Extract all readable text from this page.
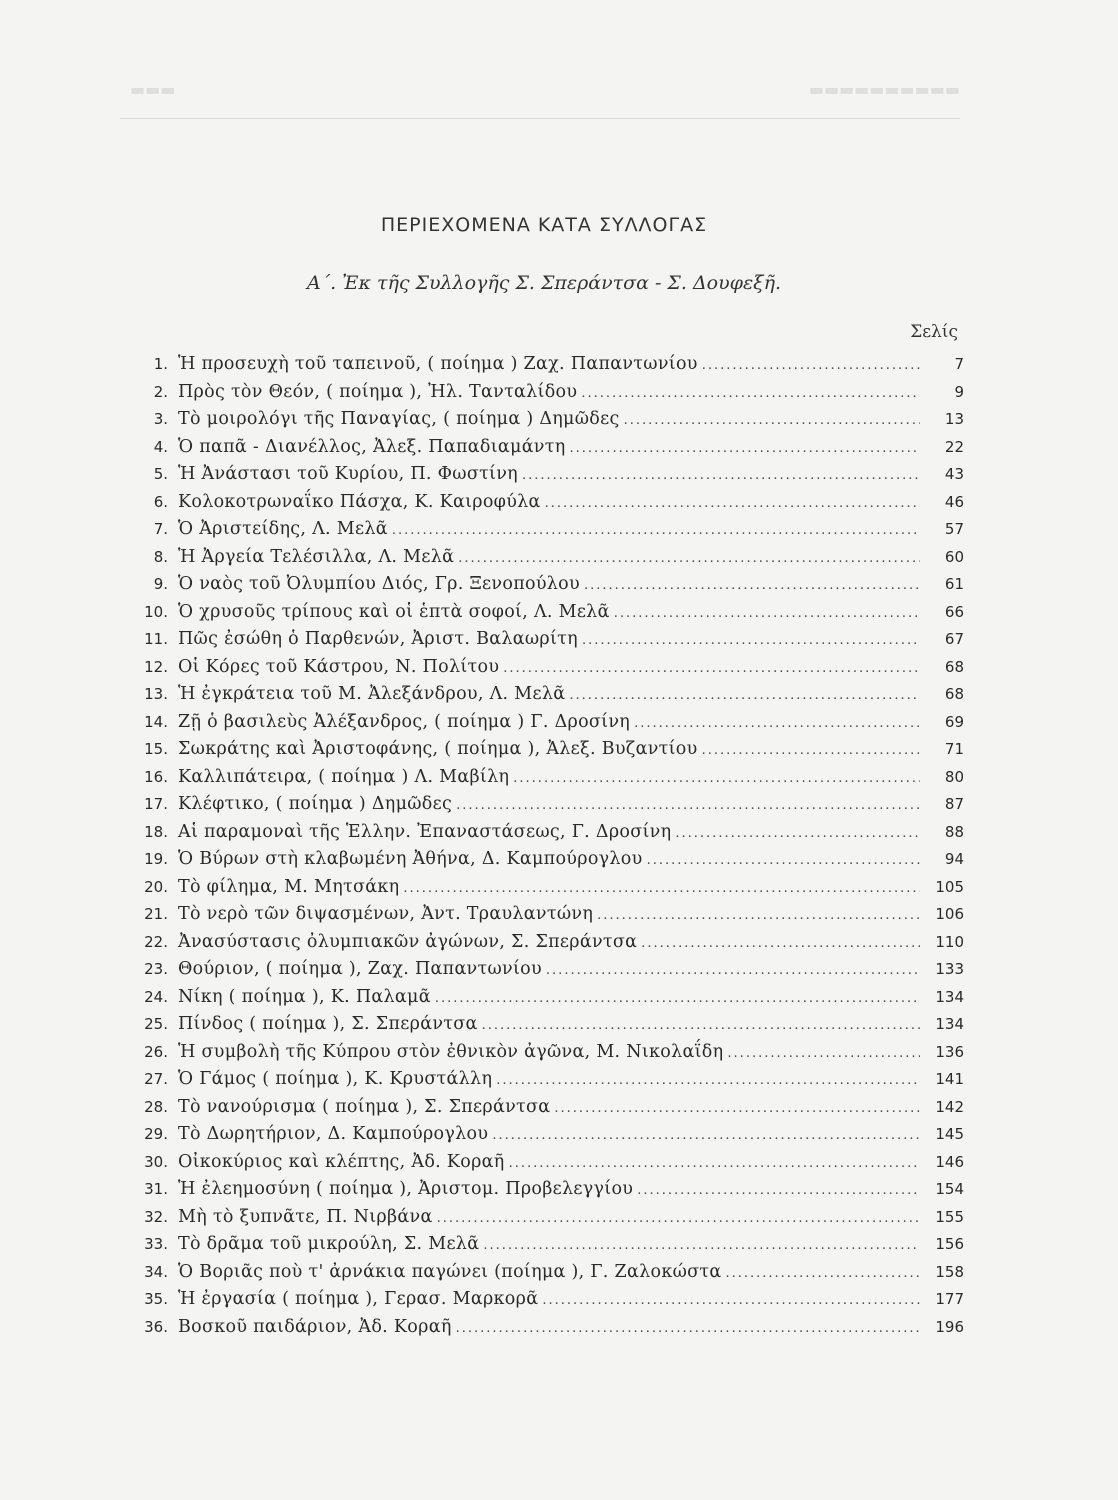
▬▬▬	▬▬▬▬▬▬▬▬▬▬
ΠΕΡΙΕΧΟΜΕΝΑ ΚΑΤΑ ΣΥΛΛΟΓΑΣ
Α΄. Ἐκ τῆς Συλλογῆς Σ. Σπεράντσα - Σ. Δουφεξῆ.
Σελίς
1. Ἡ προσευχὴ τοῦ ταπεινοῦ, ( ποίημα ) Ζαχ. Παπαντωνίου .....	7
2. Πρὸς τὸν Θεόν, ( ποίημα ), Ἠλ. Τανταλίδου .....	9
3. Τὸ μοιρολόγι τῆς Παναγίας, ( ποίημα ) Δημῶδες .....	13
4. Ὁ παπᾶ - Διανέλλος, Ἀλεξ. Παπαδιαμάντη .....	22
5. Ἡ Ἀνάστασι τοῦ Κυρίου, Π. Φωστίνη .....	43
6. Κολοκοτρωναΐκο Πάσχα, Κ. Καιροφύλα .....	46
7. Ὁ Ἀριστείδης, Λ. Μελᾶ .....	57
8. Ἡ Ἀργεία Τελέσιλλα, Λ. Μελᾶ .....	60
9. Ὁ ναὸς τοῦ Ὀλυμπίου Διός, Γρ. Ξενοπούλου .....	61
10. Ὁ χρυσοῦς τρίπους καὶ οἱ ἑπτὰ σοφοί, Λ. Μελᾶ .....	66
11. Πῶς ἐσώθη ὁ Παρθενών, Ἀριστ. Βαλαωρίτη .....	67
12. Οἱ Κόρες τοῦ Κάστρου, Ν. Πολίτου .....	68
13. Ἡ ἐγκράτεια τοῦ Μ. Ἀλεξάνδρου, Λ. Μελᾶ .....	68
14. Ζῇ ὁ βασιλεὺς Ἀλέξανδρος, ( ποίημα ) Γ. Δροσίνη .....	69
15. Σωκράτης καὶ Ἀριστοφάνης, ( ποίημα ), Ἀλεξ. Βυζαντίου .....	71
16. Καλλιπάτειρα, ( ποίημα ) Λ. Μαβίλη .....	80
17. Κλέφτικο, ( ποίημα ) Δημῶδες .....	87
18. Αἱ παραμοναὶ τῆς Ἑλλην. Ἐπαναστάσεως, Γ. Δροσίνη .....	88
19. Ὁ Βύρων στὴ κλαβωμένη Ἀθήνα, Δ. Καμπούρογλου .....	94
20. Τὸ φίλημα, Μ. Μητσάκη .....	105
21. Τὸ νερὸ τῶν διψασμένων, Ἀντ. Τραυλαντώνη .....	106
22. Ἀνασύστασις ὀλυμπιακῶν ἀγώνων, Σ. Σπεράντσα .....	110
23. Θούριον, ( ποίημα ), Ζαχ. Παπαντωνίου .....	133
24. Νίκη ( ποίημα ), Κ. Παλαμᾶ .....	134
25. Πίνδος ( ποίημα ), Σ. Σπεράντσα .....	134
26. Ἡ συμβολὴ τῆς Κύπρου στὸν ἐθνικὸν ἀγῶνα, Μ. Νικολαΐδη .....	136
27. Ὁ Γάμος ( ποίημα ), Κ. Κρυστάλλη .....	141
28. Τὸ νανούρισμα ( ποίημα ), Σ. Σπεράντσα .....	142
29. Τὸ Δωρητήριον, Δ. Καμπούρογλου .....	145
30. Οἰκοκύριος καὶ κλέπτης, Ἀδ. Κοραῆ .....	146
31. Ἡ ἐλεημοσύνη ( ποίημα ), Ἀριστομ. Προβελεγγίου .....	154
32. Μὴ τὸ ξυπνᾶτε, Π. Νιρβάνα .....	155
33. Τὸ δρᾶμα τοῦ μικρούλη, Σ. Μελᾶ .....	156
34. Ὁ Βοριᾶς ποὺ τ' ἀρνάκια παγώνει (ποίημα ), Γ. Ζαλοκώστα .....	158
35. Ἡ ἐργασία ( ποίημα ), Γερασ. Μαρκορᾶ .....	177
36. Βοσκοῦ παιδάριον, Ἀδ. Κοραῆ .....	196
